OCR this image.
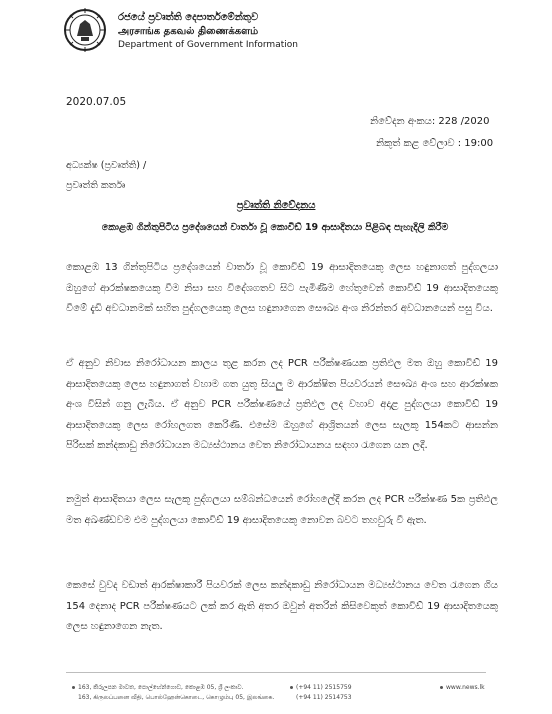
රජයේ ප්‍රවෘත්ති දෙපාර්තමේන්තුව
அரசாங்க தகவல் திணைக்களம்
Department of Government Information
2020.07.05
නිවේදන අංකය: 228 /2020
නිකුත් කළ වේලාව : 19:00
අධ්‍යක්ෂ (ප්‍රවෘත්ති) /
ප්‍රවෘත්ති කර්තෘ
ප්‍රවෘත්ති නිවේදනය
කොළඹ ගින්තුපිටිය ප්‍රදේශයෙන් වාර්තා වූ කොවිඩ් 19 ආසාදිතයා පිළිබඳ පැහැදිලි කිරීම
කොළඹ 13 ගින්තුපිටිය ප්‍රදේශයෙන් වාර්තා වූ කොවිඩ් 19 ආසාදිතයෙකු ලෙස හඳුනාගත් පුද්ගලයා ඔහුගේ ආරක්ෂකයෙකු වීම නිසා සහ විදේශගතව සිට පැමිණීම හේතුවෙන් කොවිඩ් 19 ආසාදිතයෙකු වීමේ දැඩි අවධානමක් සහිත පුද්ගලයෙකු ලෙස හඳුනාගෙන සෞඛ්‍ය අංශ නිරන්තර අවධානයෙන් පසු විය.
ඒ අනුව නිවාස නිරෝධායන කාලය තුළ කරන ලද PCR පරීක්ෂණයක ප්‍රතිඵල මත ඔහු කොවිඩ් 19 ආසාදිතයෙකු ලෙස හඳුනාගත් වහාම ගත යුතු සියලු ම ආරක්ෂිත පියවරයන් සෞඛ්‍ය අංශ සහ ආරක්ෂක අංශ විසින් ගනු ලැබීය. ඒ අනුව PCR පරීක්ෂණයේ ප්‍රතිඵල ලද වහාව අදාළ පුද්ගලයා කොවිඩ් 19 ආසාදිතයෙකු ලෙස රෝහලගත කෙරිණි. එසේම ඔහුගේ ආශ්‍රිතයන් ලෙස සැලකූ 154කට ආසන්න පිරිසක් කන්දකාඩු නිරෝධායන මධ්‍යස්ථානය වෙත නිරෝධායනය සඳහා රැගෙන යන ලදී.
නමුත් ආසාදිතයා ලෙස සැලකූ පුද්ගලයා සම්බන්ධයෙන් රෝහලේදී කරන ලද PCR පරීක්ෂණ 5ක ප්‍රතිඵල මත අඛණ්ඩවම එම පුද්ගලයා කොවිඩ් 19 ආසාදිතයෙකු නොවන බවට තහවුරු වී ඇත.
කෙසේ වුවද වඩාත් ආරක්ෂාකාරී පියවරක් ලෙස කන්දකාඩු නිරෝධායන මධ්‍යස්ථානය වෙත රැගෙන ගිය 154 දෙනාද PCR පරීක්ෂණයට ලක් කර ඇති අතර ඔවුන් අතරින් කිසිවෙකුත් කොවිඩ් 19 ආසාදිතයෙකු ලෙස හඳුනාගෙන නැත.
163, කිරුලපන මාවත, පොල්හේන්ගොඩ, කොළඹ 05, ශ්‍රී ලංකාව.
163, கிருலப்பனை வீதி, பொல்ஹேன்கொடை, கொழும்பு 05, இலங்கை.
(+94 11) 2515759
(+94 11) 2514753
www.news.lk
